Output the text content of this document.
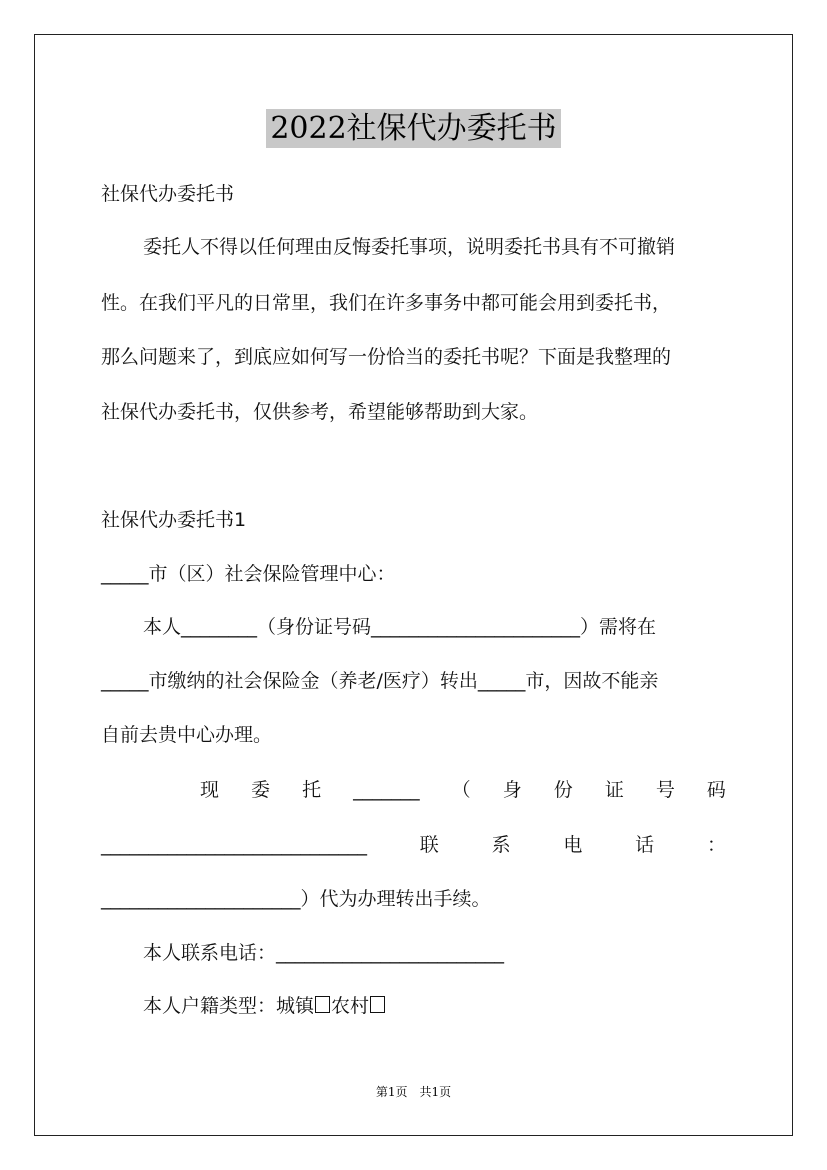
2022社保代办委托书
社保代办委托书
委托人不得以任何理由反悔委托事项，说明委托书具有不可撤销
性。在我们平凡的日常里，我们在许多事务中都可能会用到委托书，
那么问题来了，到底应如何写一份恰当的委托书呢？下面是我整理的
社保代办委托书，仅供参考，希望能够帮助到大家。
社保代办委托书1
_____市（区）社会保险管理中心：
本人________（身份证号码______________________）需将在
_____市缴纳的社会保险金（养老/医疗）转出_____市，因故不能亲
自前去贵中心办理。
现 委 托 _______ （ 身 份 证 号 码
____________________________	联	系	电	话	：
_____________________）代为办理转出手续。
本人联系电话：________________________
本人户籍类型：城镇 农村
第1页　共1页
